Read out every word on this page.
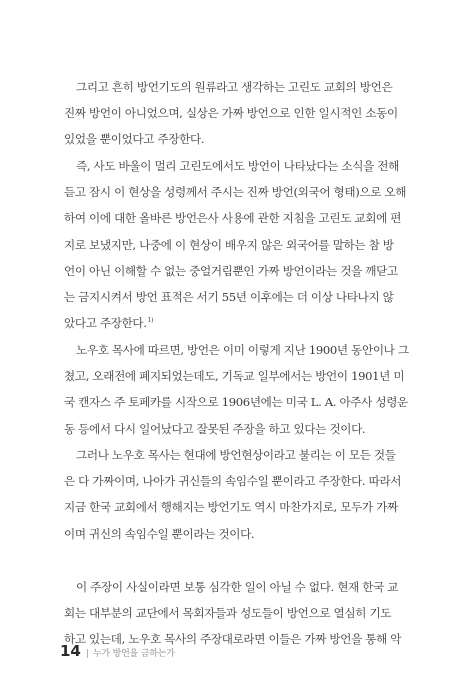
그리고 흔히 방언기도의 원류라고 생각하는 고린도 교회의 방언은
진짜 방언이 아니었으며, 실상은 가짜 방언으로 인한 일시적인 소동이
있었을 뿐이었다고 주장한다.
즉, 사도 바울이 멀리 고린도에서도 방언이 나타났다는 소식을 전해
듣고 잠시 이 현상을 성령께서 주시는 진짜 방언(외국어 형태)으로 오해
하여 이에 대한 올바른 방언은사 사용에 관한 지침을 고린도 교회에 편
지로 보냈지만, 나중에 이 현상이 배우지 않은 외국어를 말하는 참 방
언이 아닌 이해할 수 없는 중얼거림뿐인 가짜 방언이라는 것을 깨닫고
는 금지시켜서 방언 표적은 서기 55년 이후에는 더 이상 나타나지 않
았다고 주장한다.$^{1)}$
노우호 목사에 따르면, 방언은 이미 이렇게 지난 1900년 동안이나 그
쳤고, 오래전에 폐지되었는데도, 기독교 일부에서는 방언이 1901년 미
국 캔자스 주 토페카를 시작으로 1906년에는 미국 L. A. 아주사 성령운
동 등에서 다시 일어났다고 잘못된 주장을 하고 있다는 것이다.
그러나 노우호 목사는 현대에 방언현상이라고 불리는 이 모든 것들
은 다 가짜이며, 나아가 귀신들의 속임수일 뿐이라고 주장한다. 따라서
지금 한국 교회에서 행해지는 방언기도 역시 마찬가지로, 모두가 가짜
이며 귀신의 속임수일 뿐이라는 것이다.
이 주장이 사실이라면 보통 심각한 일이 아닐 수 없다. 현재 한국 교
회는 대부분의 교단에서 목회자들과 성도들이 방언으로 열심히 기도
하고 있는데, 노우호 목사의 주장대로라면 이들은 가짜 방언을 통해 악
14 | 누가 방언을 금하는가
